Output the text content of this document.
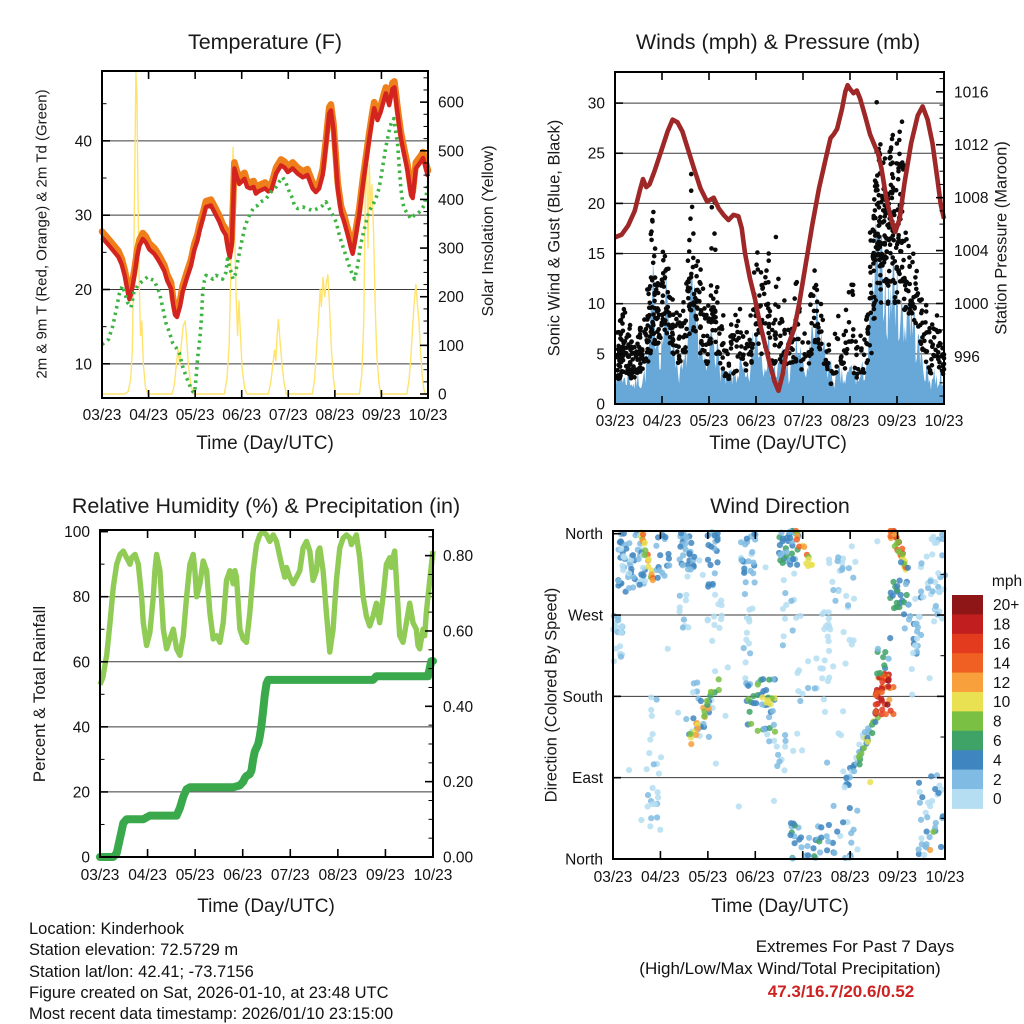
03/23 04/23 05/23 06/23 07/23 08/23 09/23 10/23
10
20
30
40
0
100
200
300
400
500
600
03/23 04/23 05/23 06/23 07/23 08/23 09/23 10/23
0
5
10
15
20
25
30
996
1000
1004
1008
1012
1016
03/23 04/23 05/23 06/23 07/23 08/23 09/23 10/23
0
20
40
60
80
100
0.00
0.20
0.40
0.60
0.80
03/23 04/23 05/23 06/23 07/23 08/23 09/23 10/23
North
West
South
East
North
mph
20+
18
16
14
12
10
8
6
4
2
0
Temperature (F)	Winds (mph) & Pressure (mb)
Relative Humidity (%) & Precipitation (in)	Wind Direction
Time (Day/UTC)	Time (Day/UTC)
Time (Day/UTC)	Time (Day/UTC)
2m & 9m T (Red, Orange) & 2m Td (Green)	Solar Insolation (Yellow)	Sonic Wind & Gust (Blue, Black)	Station Pressure (Maroon)
Percent & Total Rainfall	Direction (Colored By Speed)
Location: Kinderhook
Station elevation: 72.5729 m
Station lat/lon: 42.41; -73.7156
Figure created on Sat, 2026-01-10, at 23:48 UTC
Most recent data timestamp: 2026/01/10 23:15:00
Extremes For Past 7 Days
(High/Low/Max Wind/Total Precipitation)
47.3/16.7/20.6/0.52
